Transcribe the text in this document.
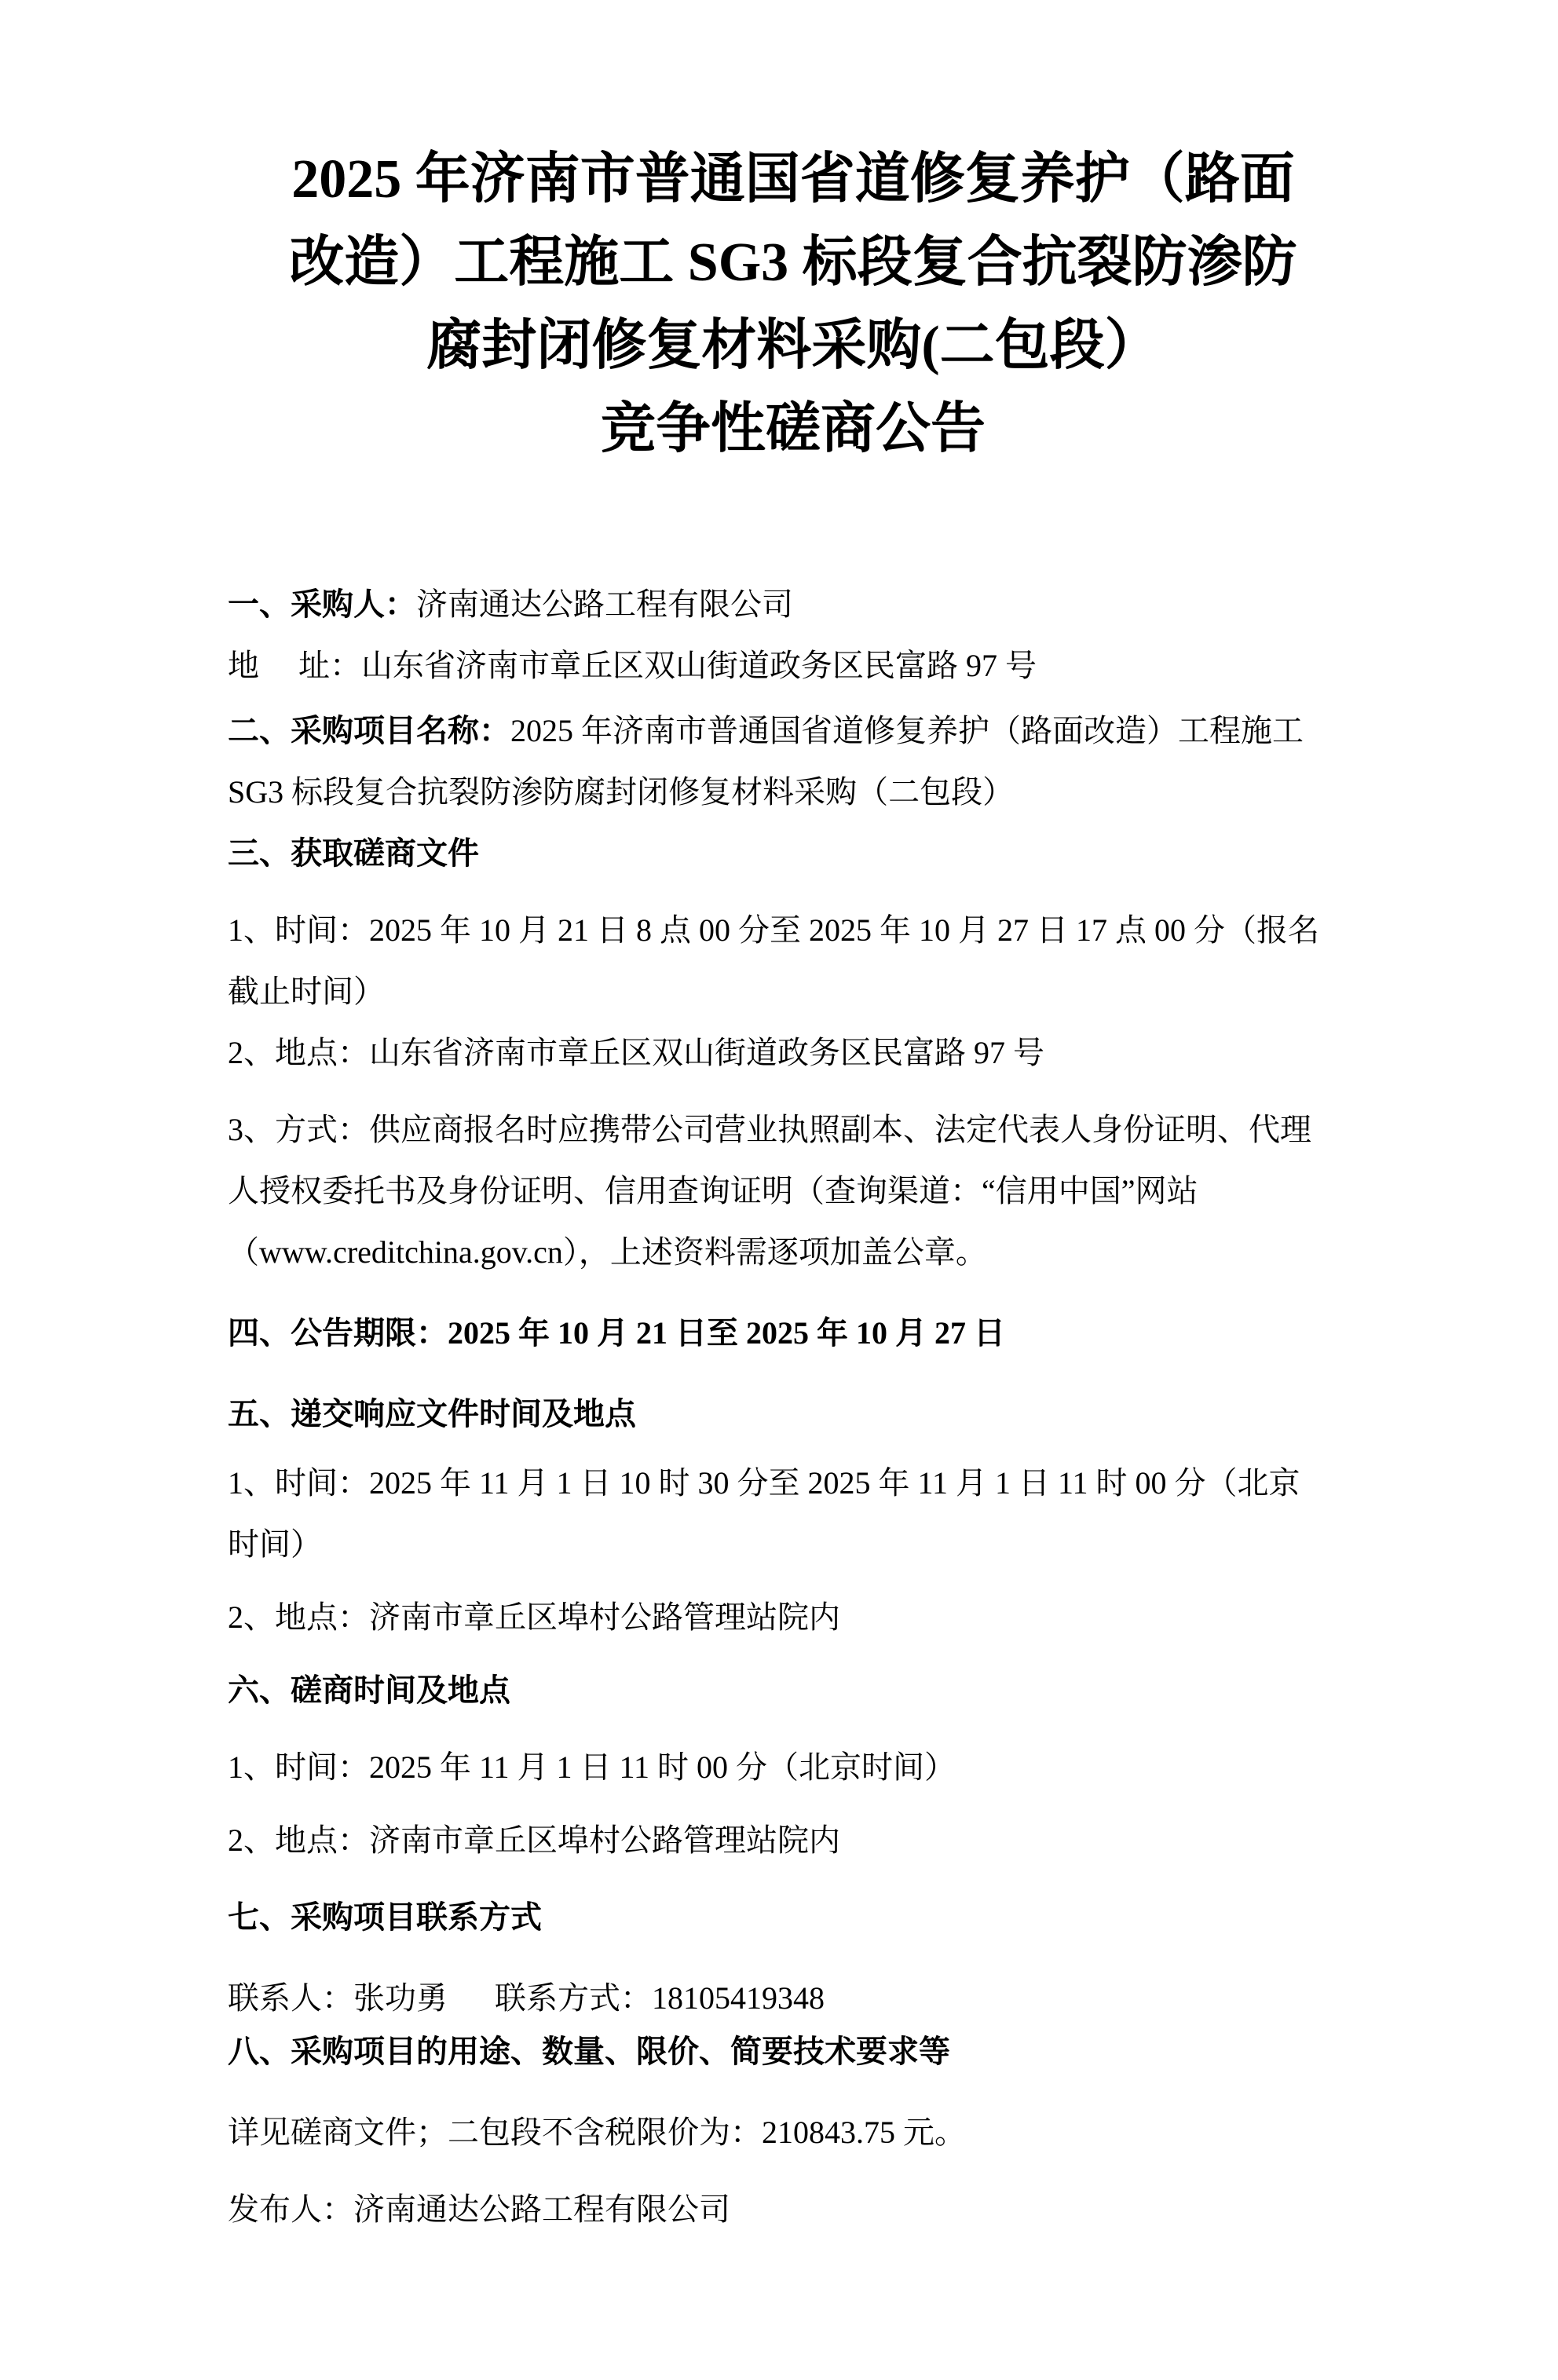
2025 年济南市普通国省道修复养护（路面
改造）工程施工 SG3 标段复合抗裂防渗防
腐封闭修复材料采购(二包段）
竞争性磋商公告
一、采购人：济南通达公路工程有限公司
地　 址：山东省济南市章丘区双山街道政务区民富路 97 号
二、采购项目名称：2025 年济南市普通国省道修复养护（路面改造）工程施工
SG3 标段复合抗裂防渗防腐封闭修复材料采购（二包段）
三、获取磋商文件
1、时间：2025 年 10 月 21 日 8 点 00 分至 2025 年 10 月 27 日 17 点 00 分（报名
截止时间）
2、地点：山东省济南市章丘区双山街道政务区民富路 97 号
3、方式：供应商报名时应携带公司营业执照副本、法定代表人身份证明、代理
人授权委托书及身份证明、信用查询证明（查询渠道：“信用中国”网站
（www.creditchina.gov.cn），上述资料需逐项加盖公章。
四、公告期限：2025 年 10 月 21 日至 2025 年 10 月 27 日
五、递交响应文件时间及地点
1、时间：2025 年 11 月 1 日 10 时 30 分至 2025 年 11 月 1 日 11 时 00 分（北京
时间）
2、地点：济南市章丘区埠村公路管理站院内
六、磋商时间及地点
1、时间：2025 年 11 月 1 日 11 时 00 分（北京时间）
2、地点：济南市章丘区埠村公路管理站院内
七、采购项目联系方式
联系人：张功勇　  联系方式：18105419348
八、采购项目的用途、数量、限价、简要技术要求等
详见磋商文件；二包段不含税限价为：210843.75 元。
发布人：济南通达公路工程有限公司
